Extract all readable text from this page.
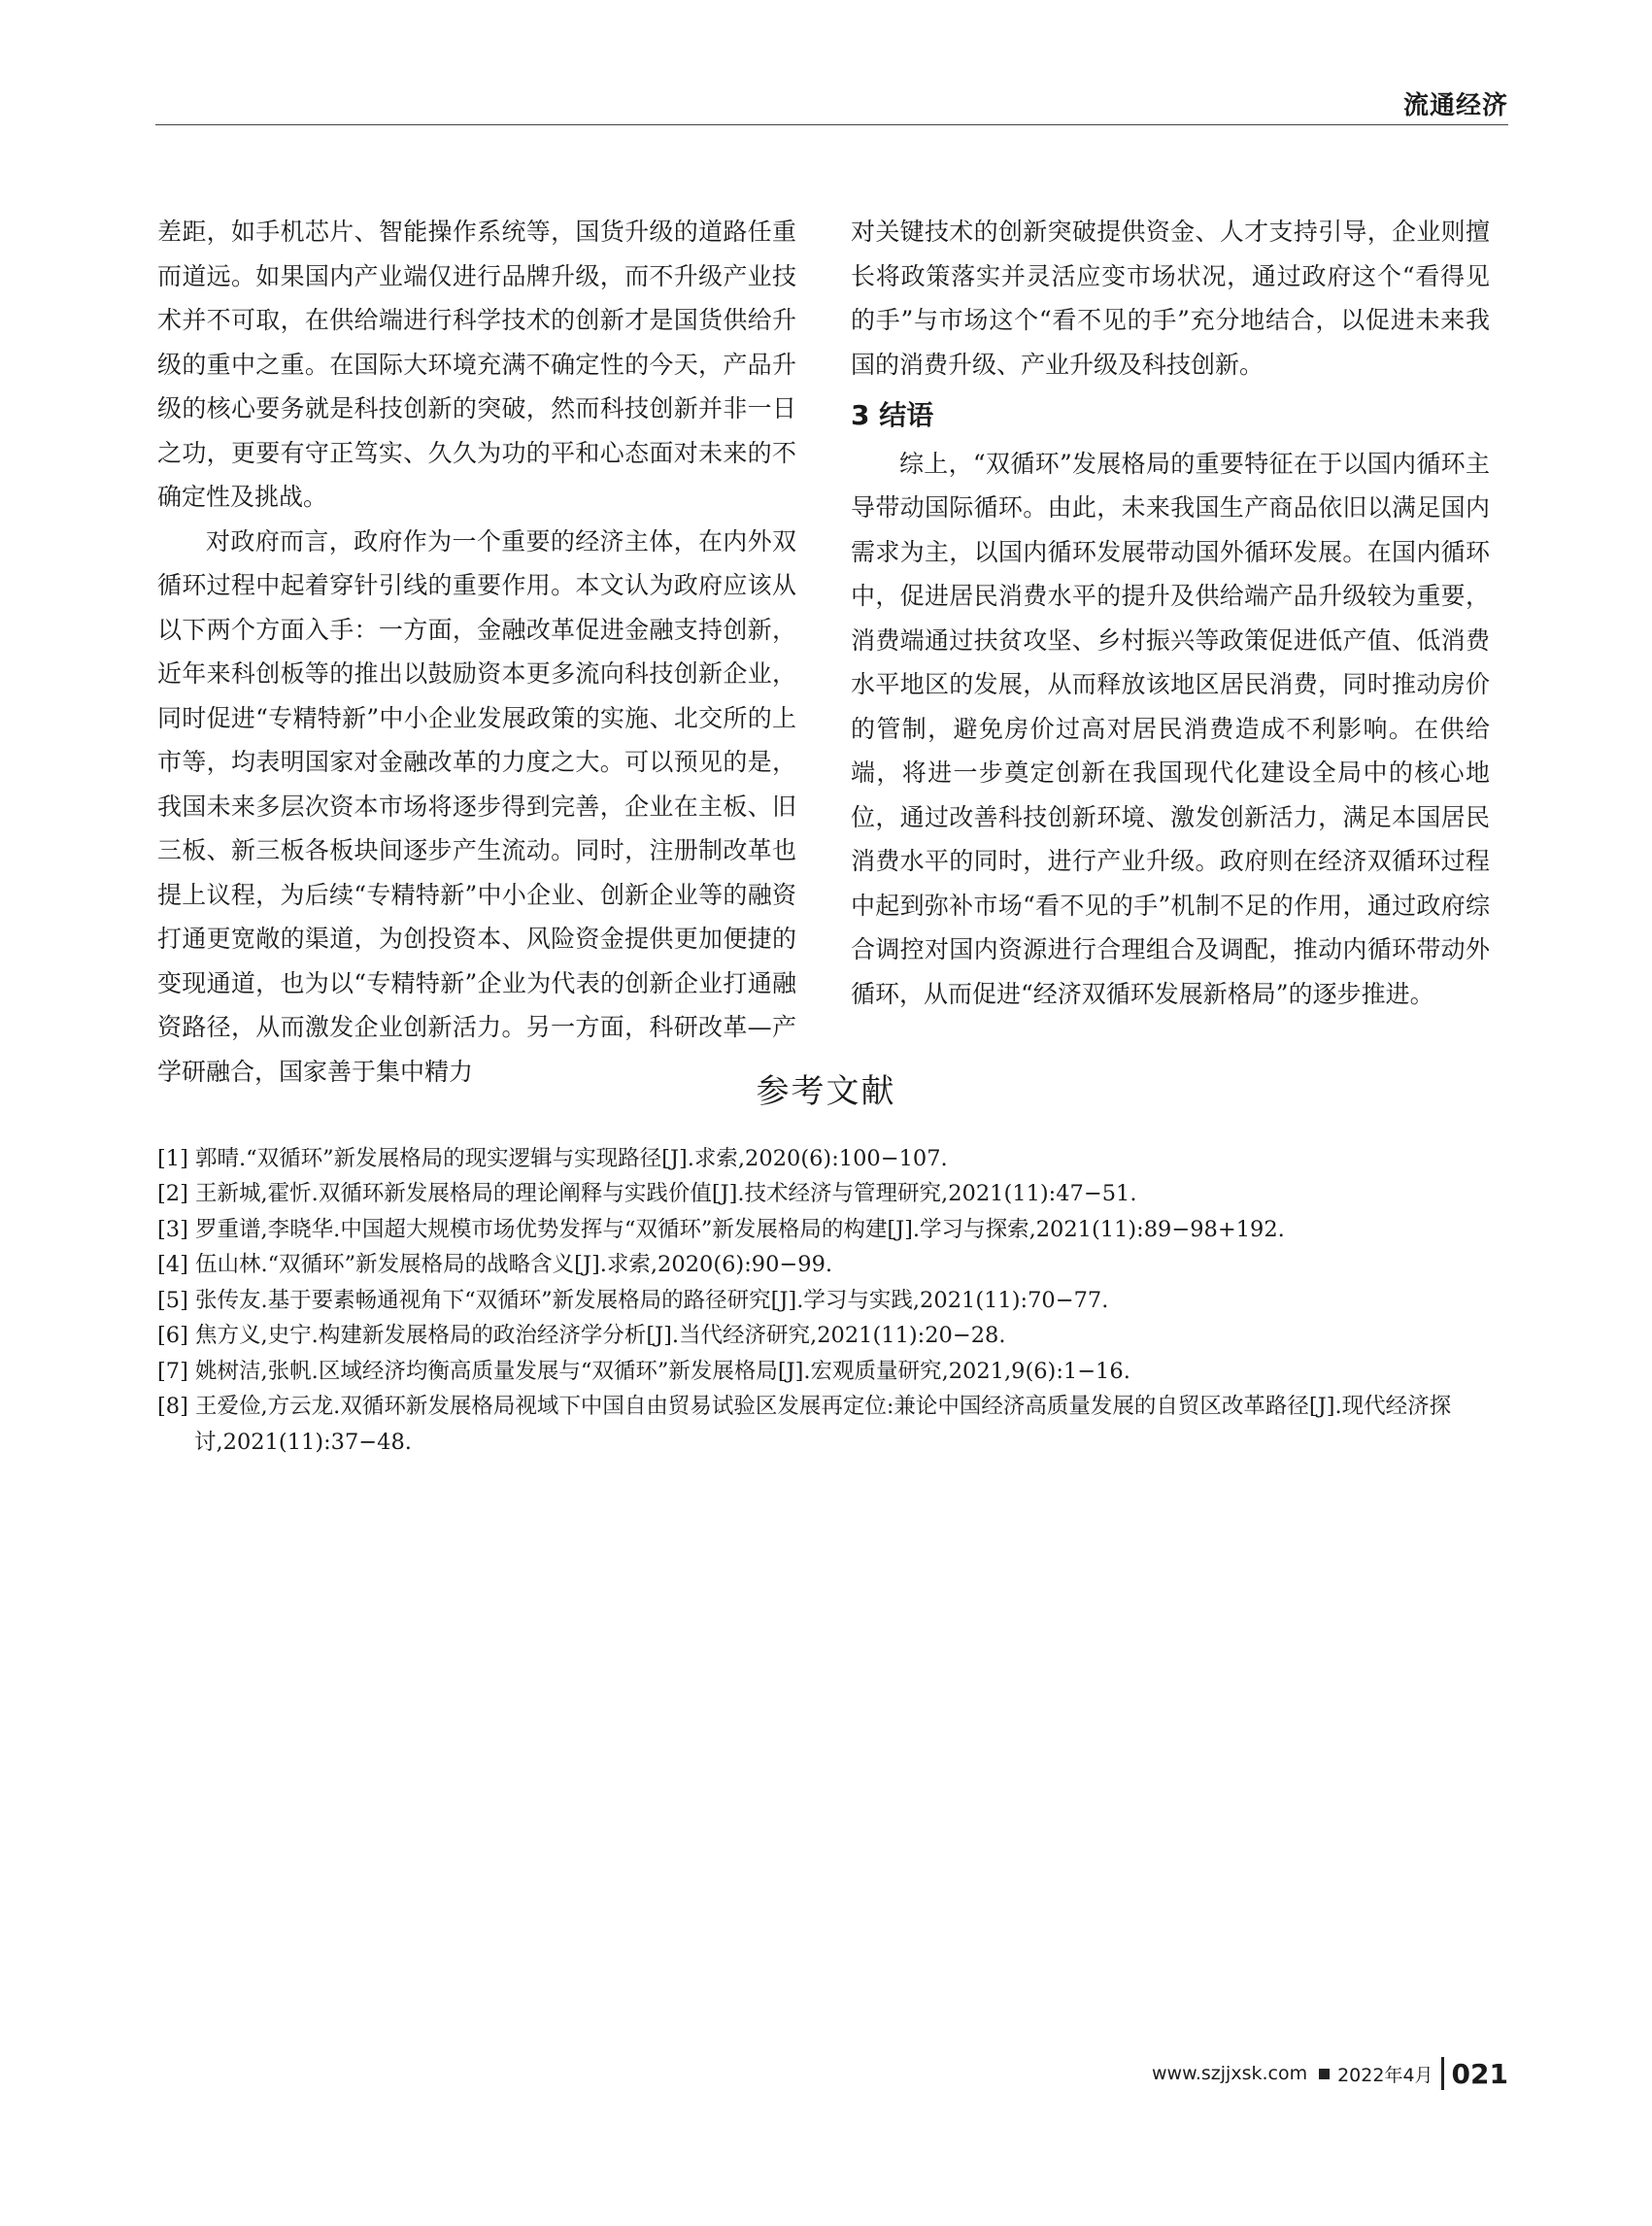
流通经济

差距，如手机芯片、智能操作系统等，国货升级的道路任重而道远。如果国内产业端仅进行品牌升级，而不升级产业技术并不可取，在供给端进行科学技术的创新才是国货供给升级的重中之重。在国际大环境充满不确定性的今天，产品升级的核心要务就是科技创新的突破，然而科技创新并非一日之功，更要有守正笃实、久久为功的平和心态面对未来的不确定性及挑战。

对政府而言，政府作为一个重要的经济主体，在内外双循环过程中起着穿针引线的重要作用。本文认为政府应该从以下两个方面入手：一方面，金融改革促进金融支持创新，近年来科创板等的推出以鼓励资本更多流向科技创新企业，同时促进“专精特新”中小企业发展政策的实施、北交所的上市等，均表明国家对金融改革的力度之大。可以预见的是，我国未来多层次资本市场将逐步得到完善，企业在主板、旧三板、新三板各板块间逐步产生流动。同时，注册制改革也提上议程，为后续“专精特新”中小企业、创新企业等的融资打通更宽敞的渠道，为创投资本、风险资金提供更加便捷的变现通道，也为以“专精特新”企业为代表的创新企业打通融资路径，从而激发企业创新活力。另一方面，科研改革—产学研融合，国家善于集中精力

对关键技术的创新突破提供资金、人才支持引导，企业则擅长将政策落实并灵活应变市场状况，通过政府这个“看得见的手”与市场这个“看不见的手”充分地结合，以促进未来我国的消费升级、产业升级及科技创新。

3 结语

综上，“双循环”发展格局的重要特征在于以国内循环主导带动国际循环。由此，未来我国生产商品依旧以满足国内需求为主，以国内循环发展带动国外循环发展。在国内循环中，促进居民消费水平的提升及供给端产品升级较为重要，消费端通过扶贫攻坚、乡村振兴等政策促进低产值、低消费水平地区的发展，从而释放该地区居民消费，同时推动房价的管制，避免房价过高对居民消费造成不利影响。在供给端，将进一步奠定创新在我国现代化建设全局中的核心地位，通过改善科技创新环境、激发创新活力，满足本国居民消费水平的同时，进行产业升级。政府则在经济双循环过程中起到弥补市场“看不见的手”机制不足的作用，通过政府综合调控对国内资源进行合理组合及调配，推动内循环带动外循环，从而促进“经济双循环发展新格局”的逐步推进。

参考文献
[1] 郭晴.“双循环”新发展格局的现实逻辑与实现路径[J].求索,2020(6):100−107.
[2] 王新城,霍忻.双循环新发展格局的理论阐释与实践价值[J].技术经济与管理研究,2021(11):47−51.
[3] 罗重谱,李晓华.中国超大规模市场优势发挥与“双循环”新发展格局的构建[J].学习与探索,2021(11):89−98+192.
[4] 伍山林.“双循环”新发展格局的战略含义[J].求索,2020(6):90−99.
[5] 张传友.基于要素畅通视角下“双循环”新发展格局的路径研究[J].学习与实践,2021(11):70−77.
[6] 焦方义,史宁.构建新发展格局的政治经济学分析[J].当代经济研究,2021(11):20−28.
[7] 姚树洁,张帆.区域经济均衡高质量发展与“双循环”新发展格局[J].宏观质量研究,2021,9(6):1−16.
[8] 王爱俭,方云龙.双循环新发展格局视域下中国自由贸易试验区发展再定位:兼论中国经济高质量发展的自贸区改革路径[J].现代经济探讨,2021(11):37−48.
www.szjjxsk.com 2022年4月 021
